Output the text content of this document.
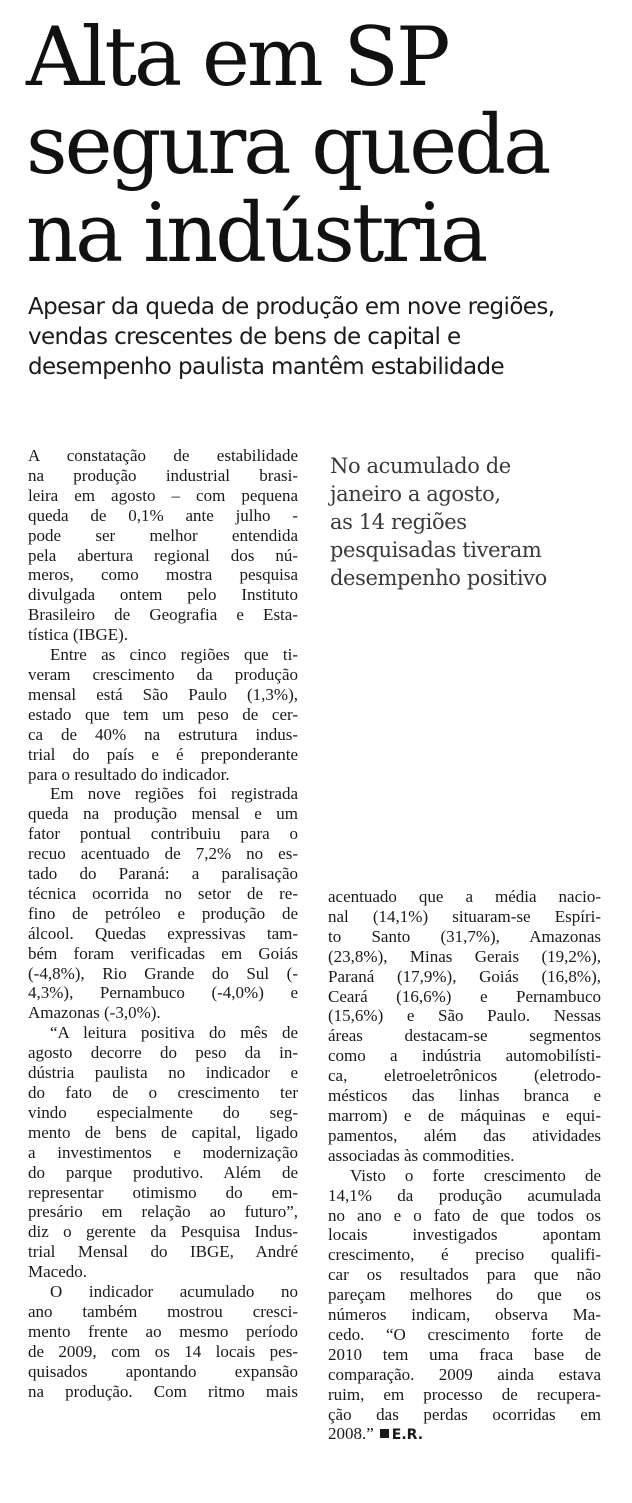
Alta em SP
segura queda
na indústria
Apesar da queda de produção em nove regiões,
vendas crescentes de bens de capital e
desempenho paulista mantêm estabilidade
No acumulado de
janeiro a agosto,
as 14 regiões
pesquisadas tiveram
desempenho positivo
A constatação de estabilidade
na produção industrial brasi-
leira em agosto – com pequena
queda de 0,1% ante julho -
pode ser melhor entendida
pela abertura regional dos nú-
meros, como mostra pesquisa
divulgada ontem pelo Instituto
Brasileiro de Geografia e Esta-
tística (IBGE).
Entre as cinco regiões que ti-
veram crescimento da produção
mensal está São Paulo (1,3%),
estado que tem um peso de cer-
ca de 40% na estrutura indus-
trial do país e é preponderante
para o resultado do indicador.
Em nove regiões foi registrada
queda na produção mensal e um
fator pontual contribuiu para o
recuo acentuado de 7,2% no es-
tado do Paraná: a paralisação
técnica ocorrida no setor de re-
fino de petróleo e produção de
álcool. Quedas expressivas tam-
bém foram verificadas em Goiás
(-4,8%), Rio Grande do Sul (-
4,3%), Pernambuco (-4,0%) e
Amazonas (-3,0%).
“A leitura positiva do mês de
agosto decorre do peso da in-
dústria paulista no indicador e
do fato de o crescimento ter
vindo especialmente do seg-
mento de bens de capital, ligado
a investimentos e modernização
do parque produtivo. Além de
representar otimismo do em-
presário em relação ao futuro”,
diz o gerente da Pesquisa Indus-
trial Mensal do IBGE, André
Macedo.
O indicador acumulado no
ano também mostrou cresci-
mento frente ao mesmo período
de 2009, com os 14 locais pes-
quisados apontando expansão
na produção. Com ritmo mais
acentuado que a média nacio-
nal (14,1%) situaram-se Espíri-
to Santo (31,7%), Amazonas
(23,8%), Minas Gerais (19,2%),
Paraná (17,9%), Goiás (16,8%),
Ceará (16,6%) e Pernambuco
(15,6%) e São Paulo. Nessas
áreas destacam-se segmentos
como a indústria automobilísti-
ca, eletroeletrônicos (eletrodo-
mésticos das linhas branca e
marrom) e de máquinas e equi-
pamentos, além das atividades
associadas às commodities.
Visto o forte crescimento de
14,1% da produção acumulada
no ano e o fato de que todos os
locais investigados apontam
crescimento, é preciso qualifi-
car os resultados para que não
pareçam melhores do que os
números indicam, observa Ma-
cedo. “O crescimento forte de
2010 tem uma fraca base de
comparação. 2009 ainda estava
ruim, em processo de recupera-
ção das perdas ocorridas em
2008.” E.R.
